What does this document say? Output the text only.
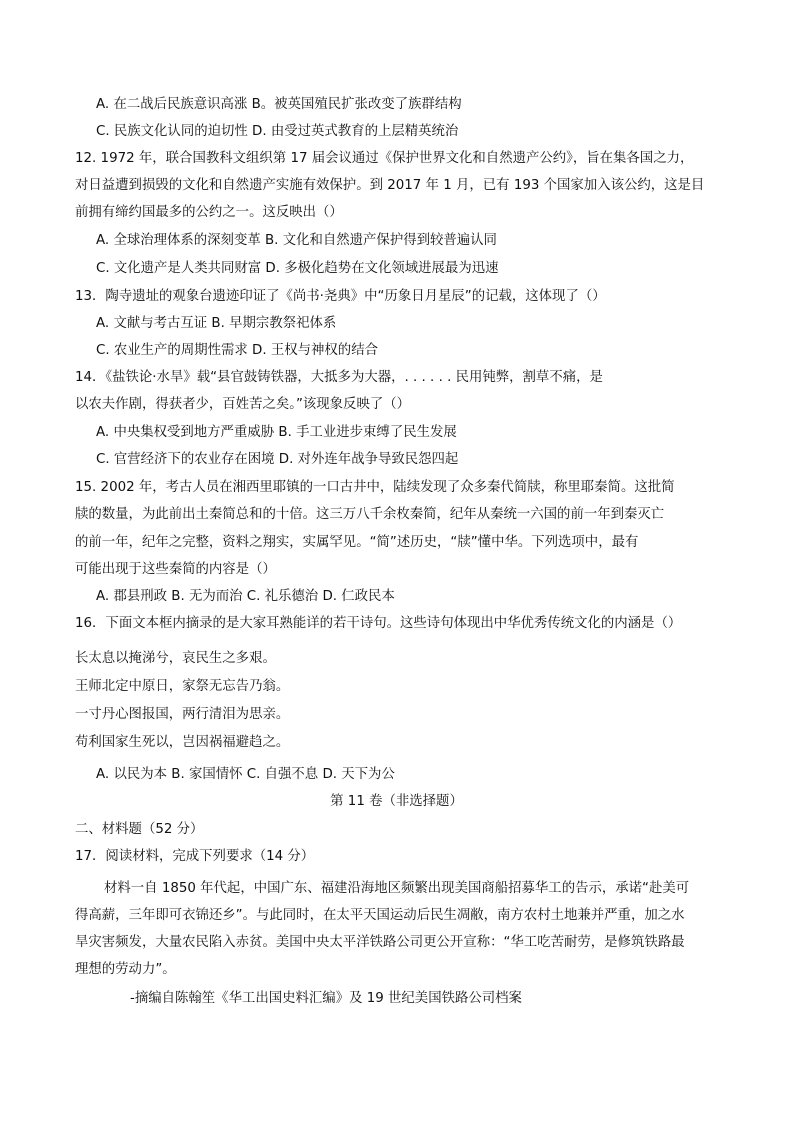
A. 在二战后民族意识高涨 B。被英国殖民扩张改变了族群结构
C. 民族文化认同的迫切性 D. 由受过英式教育的上层精英统治
12. 1972 年，联合国教科文组织第 17 届会议通过《保护世界文化和自然遗产公约》，旨在集各国之力，
对日益遭到损毁的文化和自然遗产实施有效保护。到 2017 年 1 月，已有 193 个国家加入该公约，这是目
前拥有缔约国最多的公约之一。这反映出（）
A. 全球治理体系的深刻变革 B. 文化和自然遗产保护得到较普遍认同
C. 文化遗产是人类共同财富 D. 多极化趋势在文化领域进展最为迅速
13．陶寺遗址的观象台遗迹印证了《尚书·尧典》中“历象日月星辰”的记载，这体现了（）
A. 文献与考古互证 B. 早期宗教祭祀体系
C. 农业生产的周期性需求 D. 王权与神权的结合
14．《盐铁论·水旱》载“县官鼓铸铁器，大抵多为大器，. . . . . . 民用钝弊，割草不痛，是
以农夫作剧，得获者少，百姓苦之矣。”该现象反映了（）
A. 中央集权受到地方严重威胁 B. 手工业进步束缚了民生发展
C. 官营经济下的农业存在困境 D. 对外连年战争导致民怨四起
15. 2002 年，考古人员在湘西里耶镇的一口古井中，陆续发现了众多秦代简牍，称里耶秦简。这批简
牍的数量，为此前出土秦简总和的十倍。这三万八千余枚秦简，纪年从秦统一六国的前一年到秦灭亡
的前一年，纪年之完整，资料之翔实，实属罕见。“简”述历史，“牍”懂中华。下列选项中，最有
可能出现于这些秦简的内容是（）
A. 郡县刑政 B. 无为而治 C. 礼乐德治 D. 仁政民本
16．下面文本框内摘录的是大家耳熟能详的若干诗句。这些诗句体现出中华优秀传统文化的内涵是（）
长太息以掩涕兮，哀民生之多艰。
王师北定中原日，家祭无忘告乃翁。
一寸丹心图报国，两行清泪为思亲。
苟利国家生死以，岂因祸福避趋之。
A. 以民为本 B. 家国情怀 C. 自强不息 D. 天下为公
第 11 卷（非选择题）
二、材料题（52 分）
17．阅读材料，完成下列要求（14 分）
材料一自 1850 年代起，中国广东、福建沿海地区频繁出现美国商船招募华工的告示，承诺“赴美可
得高薪，三年即可衣锦还乡”。与此同时，在太平天国运动后民生凋敝，南方农村土地兼并严重，加之水
旱灾害频发，大量农民陷入赤贫。美国中央太平洋铁路公司更公开宣称：“华工吃苦耐劳，是修筑铁路最
理想的劳动力”。
-摘编自陈翰笙《华工出国史料汇编》及 19 世纪美国铁路公司档案
